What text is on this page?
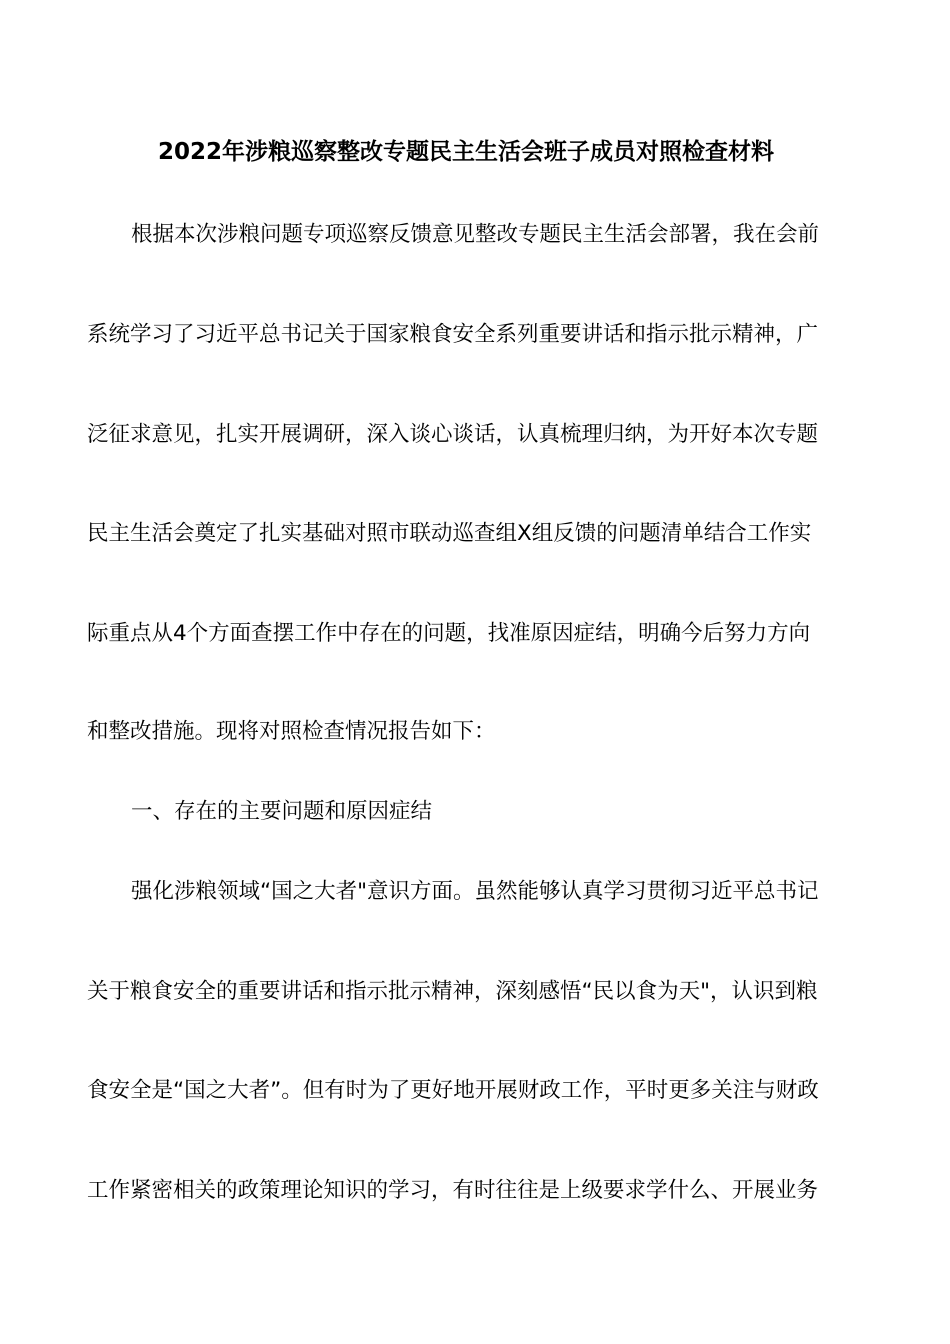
2022年涉粮巡察整改专题民主生活会班子成员对照检查材料
根据本次涉粮问题专项巡察反馈意见整改专题民主生活会部署，我在会前
系统学习了习近平总书记关于国家粮食安全系列重要讲话和指示批示精神，广
泛征求意见，扎实开展调研，深入谈心谈话，认真梳理归纳，为开好本次专题
民主生活会奠定了扎实基础对照市联动巡查组X组反馈的问题清单结合工作实
际重点从4个方面查摆工作中存在的问题，找准原因症结，明确今后努力方向
和整改措施。现将对照检查情况报告如下：
一、存在的主要问题和原因症结
强化涉粮领域“国之大者"意识方面。虽然能够认真学习贯彻习近平总书记
关于粮食安全的重要讲话和指示批示精神，深刻感悟“民以食为天"，认识到粮
食安全是“国之大者”。但有时为了更好地开展财政工作，平时更多关注与财政
工作紧密相关的政策理论知识的学习，有时往往是上级要求学什么、开展业务
